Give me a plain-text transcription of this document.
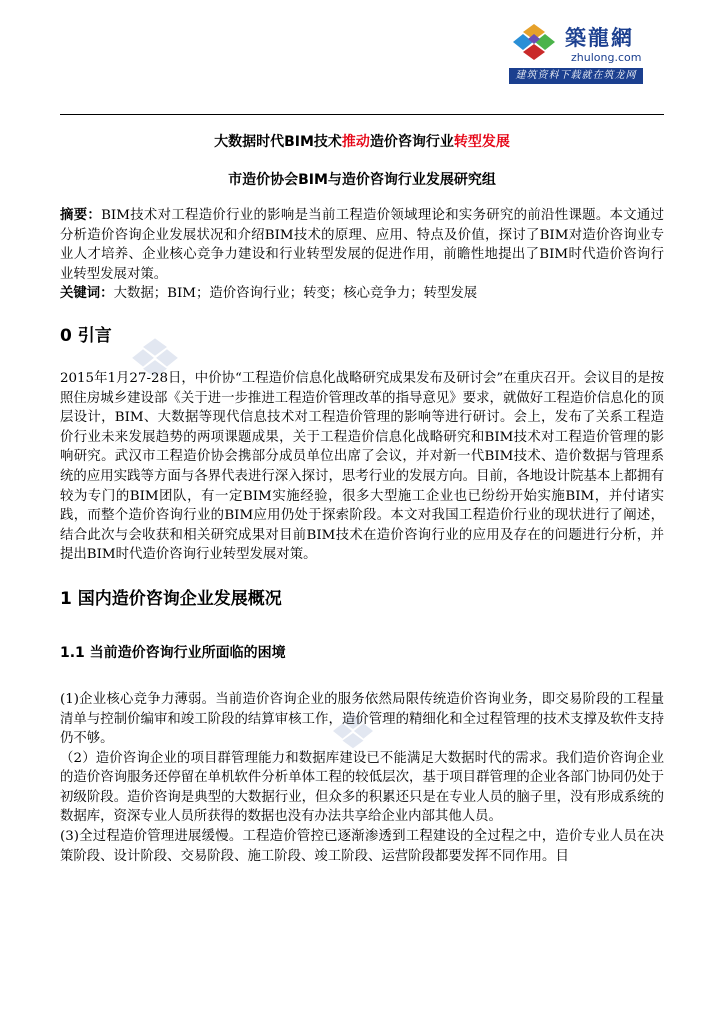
築龍網
zhulong.com
建筑资料下载就在筑龙网

大数据时代BIM技术推动造价咨询行业转型发展

市造价协会BIM与造价咨询行业发展研究组

摘要：BIM技术对工程造价行业的影响是当前工程造价领域理论和实务研究的前沿性课题。本文通过分析造价咨询企业发展状况和介绍BIM技术的原理、应用、特点及价值，探讨了BIM对造价咨询业专业人才培养、企业核心竞争力建设和行业转型发展的促进作用，前瞻性地提出了BIM时代造价咨询行业转型发展对策。

关键词：大数据；BIM；造价咨询行业；转变；核心竞争力；转型发展

0 引言

2015年1月27-28日，中价协“工程造价信息化战略研究成果发布及研讨会”在重庆召开。会议目的是按照住房城乡建设部《关于进一步推进工程造价管理改革的指导意见》要求，就做好工程造价信息化的顶层设计，BIM、大数据等现代信息技术对工程造价管理的影响等进行研讨。会上，发布了关系工程造价行业未来发展趋势的两项课题成果，关于工程造价信息化战略研究和BIM技术对工程造价管理的影响研究。武汉市工程造价协会携部分成员单位出席了会议，并对新一代BIM技术、造价数据与管理系统的应用实践等方面与各界代表进行深入探讨，思考行业的发展方向。目前，各地设计院基本上都拥有较为专门的BIM团队，有一定BIM实施经验，很多大型施工企业也已纷纷开始实施BIM，并付诸实践，而整个造价咨询行业的BIM应用仍处于探索阶段。本文对我国工程造价行业的现状进行了阐述，结合此次与会收获和相关研究成果对目前BIM技术在造价咨询行业的应用及存在的问题进行分析，并提出BIM时代造价咨询行业转型发展对策。

1 国内造价咨询企业发展概况

1.1 当前造价咨询行业所面临的困境

(1)企业核心竞争力薄弱。当前造价咨询企业的服务依然局限传统造价咨询业务，即交易阶段的工程量清单与控制价编审和竣工阶段的结算审核工作，造价管理的精细化和全过程管理的技术支撑及软件支持仍不够。

（2）造价咨询企业的项目群管理能力和数据库建设已不能满足大数据时代的需求。我们造价咨询企业的造价咨询服务还停留在单机软件分析单体工程的较低层次，基于项目群管理的企业各部门协同仍处于初级阶段。造价咨询是典型的大数据行业，但众多的积累还只是在专业人员的脑子里，没有形成系统的数据库，资深专业人员所获得的数据也没有办法共享给企业内部其他人员。

(3)全过程造价管理进展缓慢。工程造价管控已逐渐渗透到工程建设的全过程之中，造价专业人员在决策阶段、设计阶段、交易阶段、施工阶段、竣工阶段、运营阶段都要发挥不同作用。目
